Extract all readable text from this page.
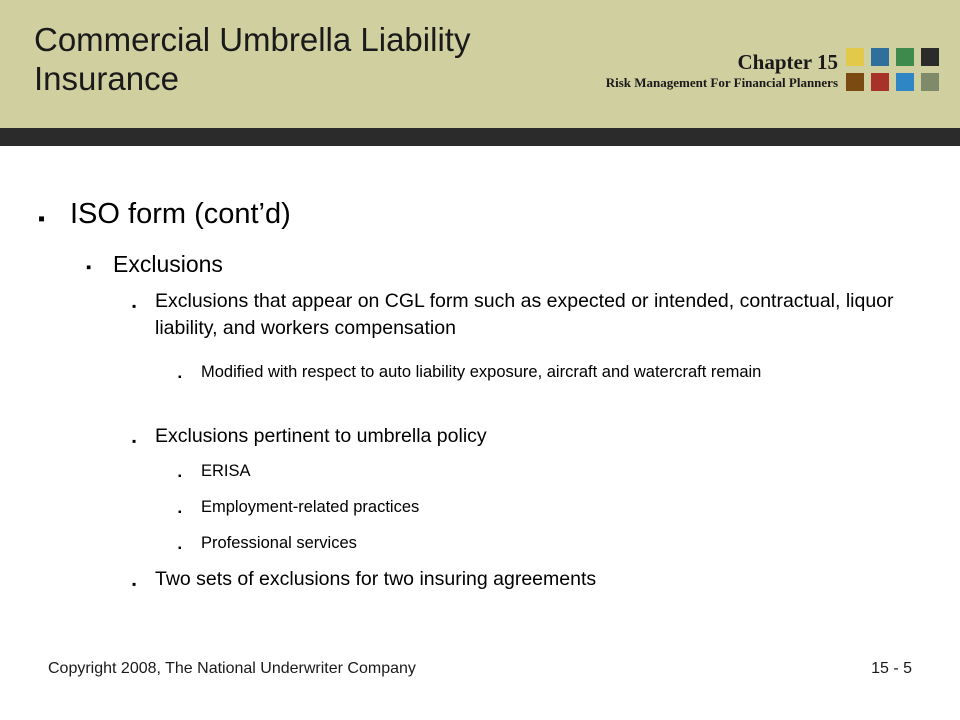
Commercial Umbrella Liability Insurance	Chapter 15
Risk Management For Financial Planners
▪ ISO form (cont’d)
▪ Exclusions
▪ Exclusions that appear on CGL form such as expected or intended, contractual, liquor liability, and workers compensation
▪ Modified with respect to auto liability exposure, aircraft and watercraft remain
▪ Exclusions pertinent to umbrella policy
▪ ERISA
▪ Employment-related practices
▪ Professional services
▪ Two sets of exclusions for two insuring agreements
Copyright 2008, The National Underwriter Company	15 - 5
